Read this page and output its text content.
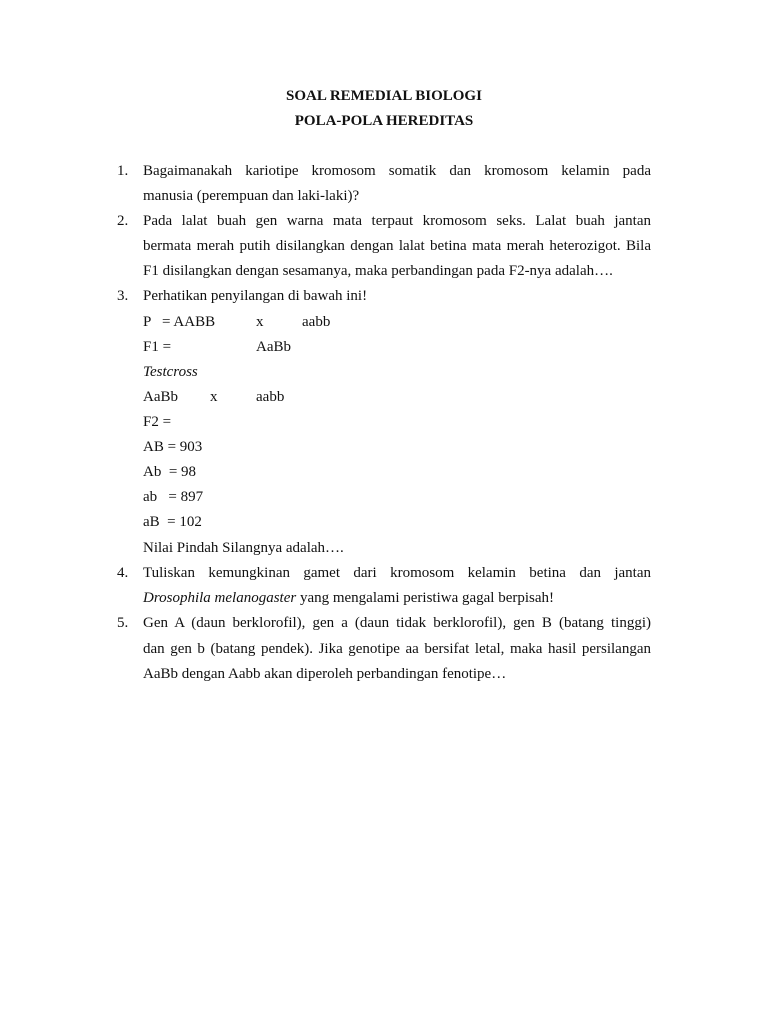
SOAL REMEDIAL BIOLOGI
POLA-POLA HEREDITAS
1. Bagaimanakah kariotipe kromosom somatik dan kromosom kelamin pada
manusia (perempuan dan laki-laki)?
2. Pada lalat buah gen warna mata terpaut kromosom seks. Lalat buah jantan
bermata merah putih disilangkan dengan lalat betina mata merah heterozigot. Bila
F1 disilangkan dengan sesamanya, maka perbandingan pada F2-nya adalah….
3. Perhatikan penyilangan di bawah ini!
P   = AABB	x	aabb
F1 =	AaBb
Testcross
AaBb x	aabb
F2 =
AB = 903
Ab  = 98
ab   = 897
aB  = 102
Nilai Pindah Silangnya adalah….
4. Tuliskan kemungkinan gamet dari kromosom kelamin betina dan jantan
Drosophila melanogaster yang mengalami peristiwa gagal berpisah!
5. Gen A (daun berklorofil), gen a (daun tidak berklorofil), gen B (batang tinggi)
dan gen b (batang pendek). Jika genotipe aa bersifat letal, maka hasil persilangan
AaBb dengan Aabb akan diperoleh perbandingan fenotipe…
